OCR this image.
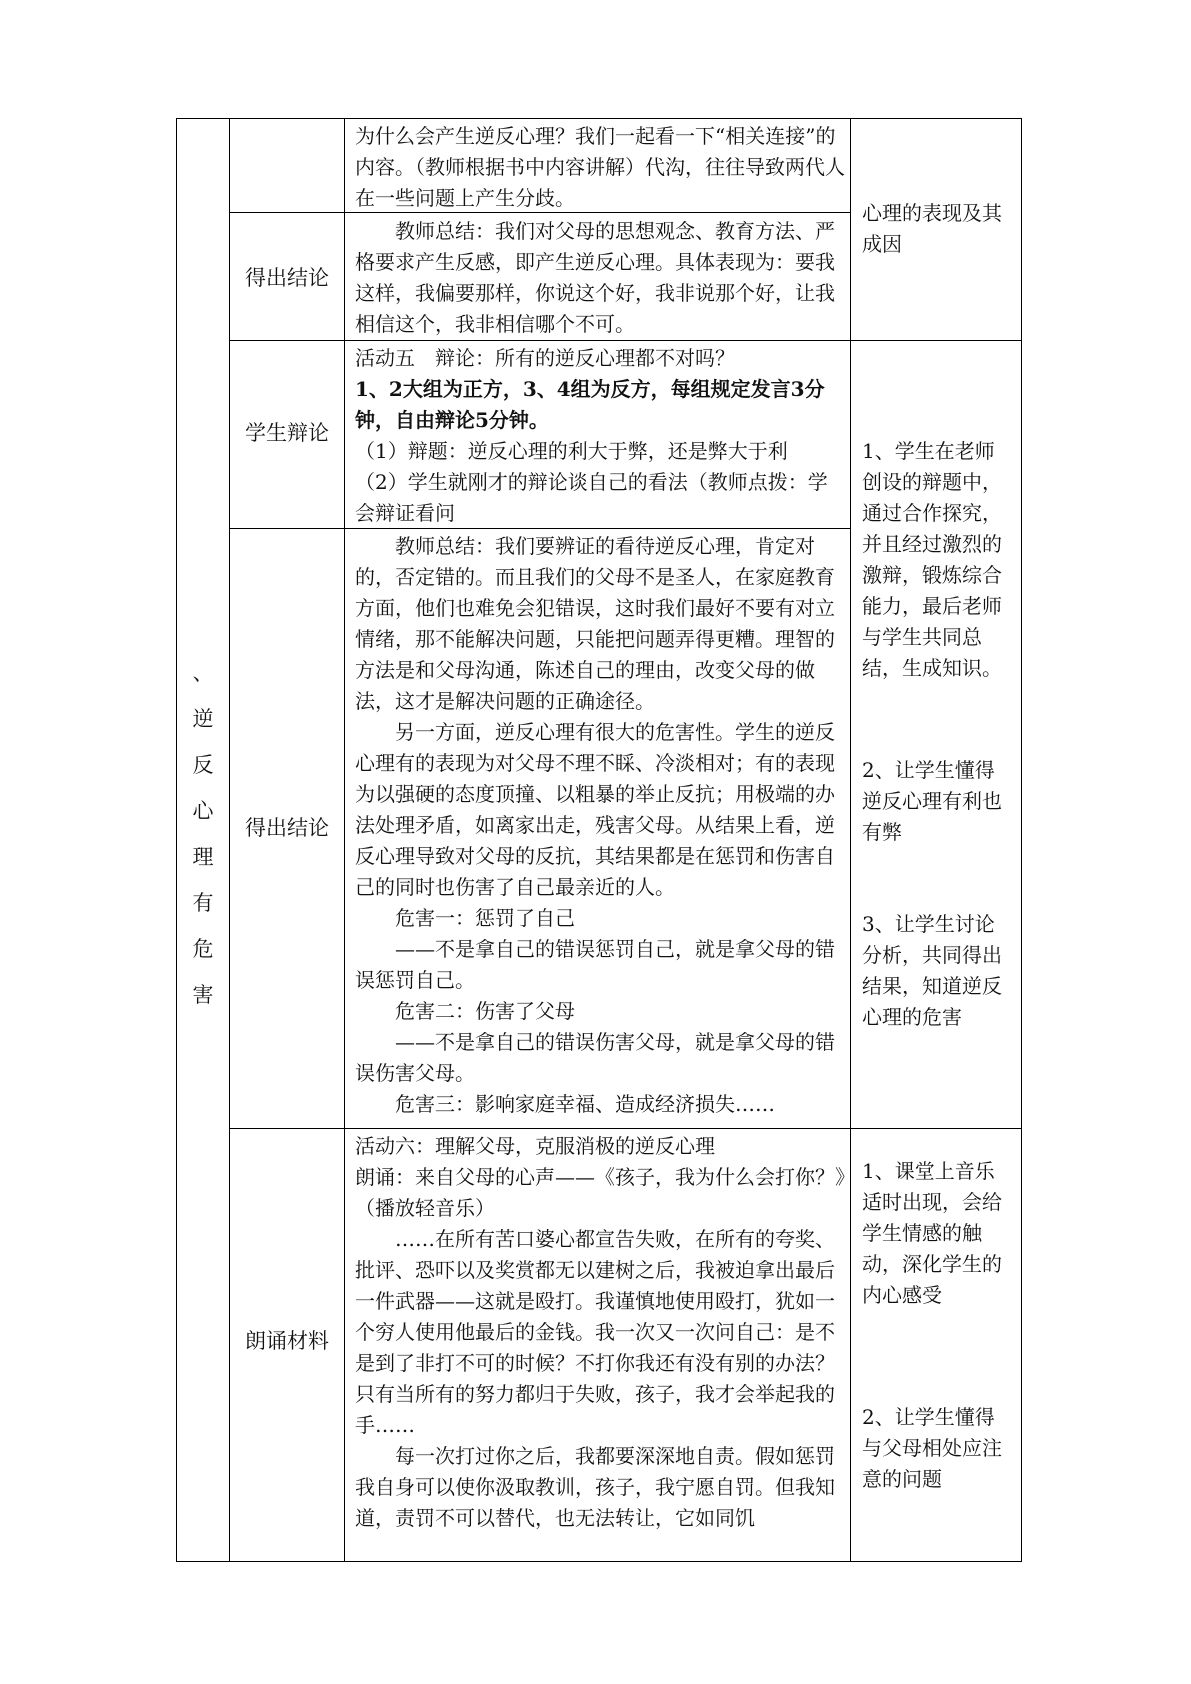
、
逆
反
心
理
有
危
害

为什么会产生逆反心理？我们一起看一下“相关连接”的内容。（教师根据书中内容讲解）代沟，往往导致两代人在一些问题上产生分歧。

得出结论

教师总结：我们对父母的思想观念、教育方法、严格要求产生反感，即产生逆反心理。具体表现为：要我这样，我偏要那样，你说这个好，我非说那个好，让我相信这个，我非相信哪个不可。

心理的表现及其成因

学生辩论

活动五　辩论：所有的逆反心理都不对吗？

1、2大组为正方，3、4组为反方，每组规定发言3分钟，自由辩论5分钟。

（1）辩题：逆反心理的利大于弊，还是弊大于利

（2）学生就刚才的辩论谈自己的看法（教师点拨：学会辩证看问

得出结论

教师总结：我们要辨证的看待逆反心理，肯定对的，否定错的。而且我们的父母不是圣人，在家庭教育方面，他们也难免会犯错误，这时我们最好不要有对立情绪，那不能解决问题，只能把问题弄得更糟。理智的方法是和父母沟通，陈述自己的理由，改变父母的做法，这才是解决问题的正确途径。

另一方面，逆反心理有很大的危害性。学生的逆反心理有的表现为对父母不理不睬、冷淡相对；有的表现为以强硬的态度顶撞、以粗暴的举止反抗；用极端的办法处理矛盾，如离家出走，残害父母。从结果上看，逆反心理导致对父母的反抗，其结果都是在惩罚和伤害自己的同时也伤害了自己最亲近的人。

危害一：惩罚了自己

——不是拿自己的错误惩罚自己，就是拿父母的错误惩罚自己。

危害二：伤害了父母

——不是拿自己的错误伤害父母，就是拿父母的错误伤害父母。

危害三：影响家庭幸福、造成经济损失……

1、学生在老师创设的辩题中，通过合作探究，并且经过激烈的激辩，锻炼综合能力，最后老师与学生共同总结，生成知识。

2、让学生懂得逆反心理有利也有弊

3、让学生讨论分析，共同得出结果，知道逆反心理的危害

朗诵材料

活动六：理解父母，克服消极的逆反心理

朗诵：来自父母的心声——《孩子，我为什么会打你？》（播放轻音乐）

……在所有苦口婆心都宣告失败，在所有的夸奖、批评、恐吓以及奖赏都无以建树之后，我被迫拿出最后一件武器——这就是殴打。我谨慎地使用殴打，犹如一个穷人使用他最后的金钱。我一次又一次问自己：是不是到了非打不可的时候？不打你我还有没有别的办法？只有当所有的努力都归于失败，孩子，我才会举起我的手……

每一次打过你之后，我都要深深地自责。假如惩罚我自身可以使你汲取教训，孩子，我宁愿自罚。但我知道，责罚不可以替代，也无法转让，它如同饥

1、课堂上音乐适时出现，会给学生情感的触动，深化学生的内心感受

2、让学生懂得与父母相处应注意的问题
